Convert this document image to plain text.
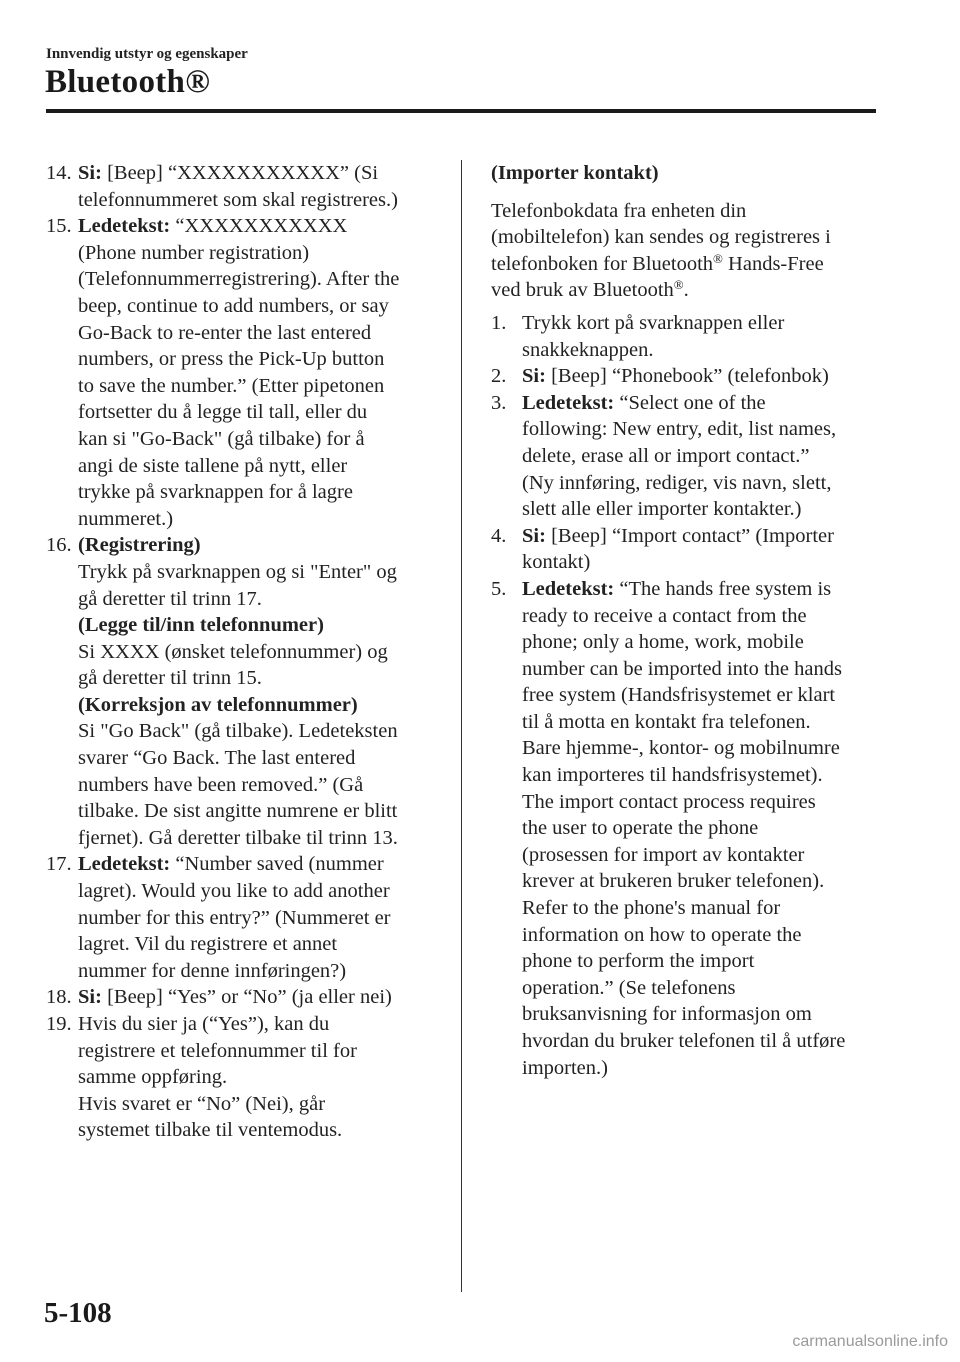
Innvendig utstyr og egenskaper
Bluetooth®
14. Si: [Beep] “XXXXXXXXXXX” (Si
telefonnummeret som skal registreres.)
15. Ledetekst: “XXXXXXXXXXX
(Phone number registration)
(Telefonnummerregistrering). After the
beep, continue to add numbers, or say
Go-Back to re-enter the last entered
numbers, or press the Pick-Up button
to save the number.” (Etter pipetonen
fortsetter du å legge til tall, eller du
kan si "Go-Back" (gå tilbake) for å
angi de siste tallene på nytt, eller
trykke på svarknappen for å lagre
nummeret.)
16. (Registrering)
Trykk på svarknappen og si "Enter" og
gå deretter til trinn 17.
(Legge til/inn telefonnumer)
Si XXXX (ønsket telefonnummer) og
gå deretter til trinn 15.
(Korreksjon av telefonnummer)
Si "Go Back" (gå tilbake). Ledeteksten
svarer “Go Back. The last entered
numbers have been removed.” (Gå
tilbake. De sist angitte numrene er blitt
fjernet). Gå deretter tilbake til trinn 13.
17. Ledetekst: “Number saved (nummer
lagret). Would you like to add another
number for this entry?” (Nummeret er
lagret. Vil du registrere et annet
nummer for denne innføringen?)
18. Si: [Beep] “Yes” or “No” (ja eller nei)
19. Hvis du sier ja (“Yes”), kan du
registrere et telefonnummer til for
samme oppføring.
Hvis svaret er “No” (Nei), går
systemet tilbake til ventemodus.
(Importer kontakt)
Telefonbokdata fra enheten din
(mobiltelefon) kan sendes og registreres i
telefonboken for Bluetooth® Hands-Free
ved bruk av Bluetooth®.
1. Trykk kort på svarknappen eller
snakkeknappen.
2. Si: [Beep] “Phonebook” (telefonbok)
3. Ledetekst: “Select one of the
following: New entry, edit, list names,
delete, erase all or import contact.”
(Ny innføring, rediger, vis navn, slett,
slett alle eller importer kontakter.)
4. Si: [Beep] “Import contact” (Importer
kontakt)
5. Ledetekst: “The hands free system is
ready to receive a contact from the
phone; only a home, work, mobile
number can be imported into the hands
free system (Handsfrisystemet er klart
til å motta en kontakt fra telefonen.
Bare hjemme-, kontor- og mobilnumre
kan importeres til handsfrisystemet).
The import contact process requires
the user to operate the phone
(prosessen for import av kontakter
krever at brukeren bruker telefonen).
Refer to the phone's manual for
information on how to operate the
phone to perform the import
operation.” (Se telefonens
bruksanvisning for informasjon om
hvordan du bruker telefonen til å utføre
importen.)
5-108
carmanualsonline.info
